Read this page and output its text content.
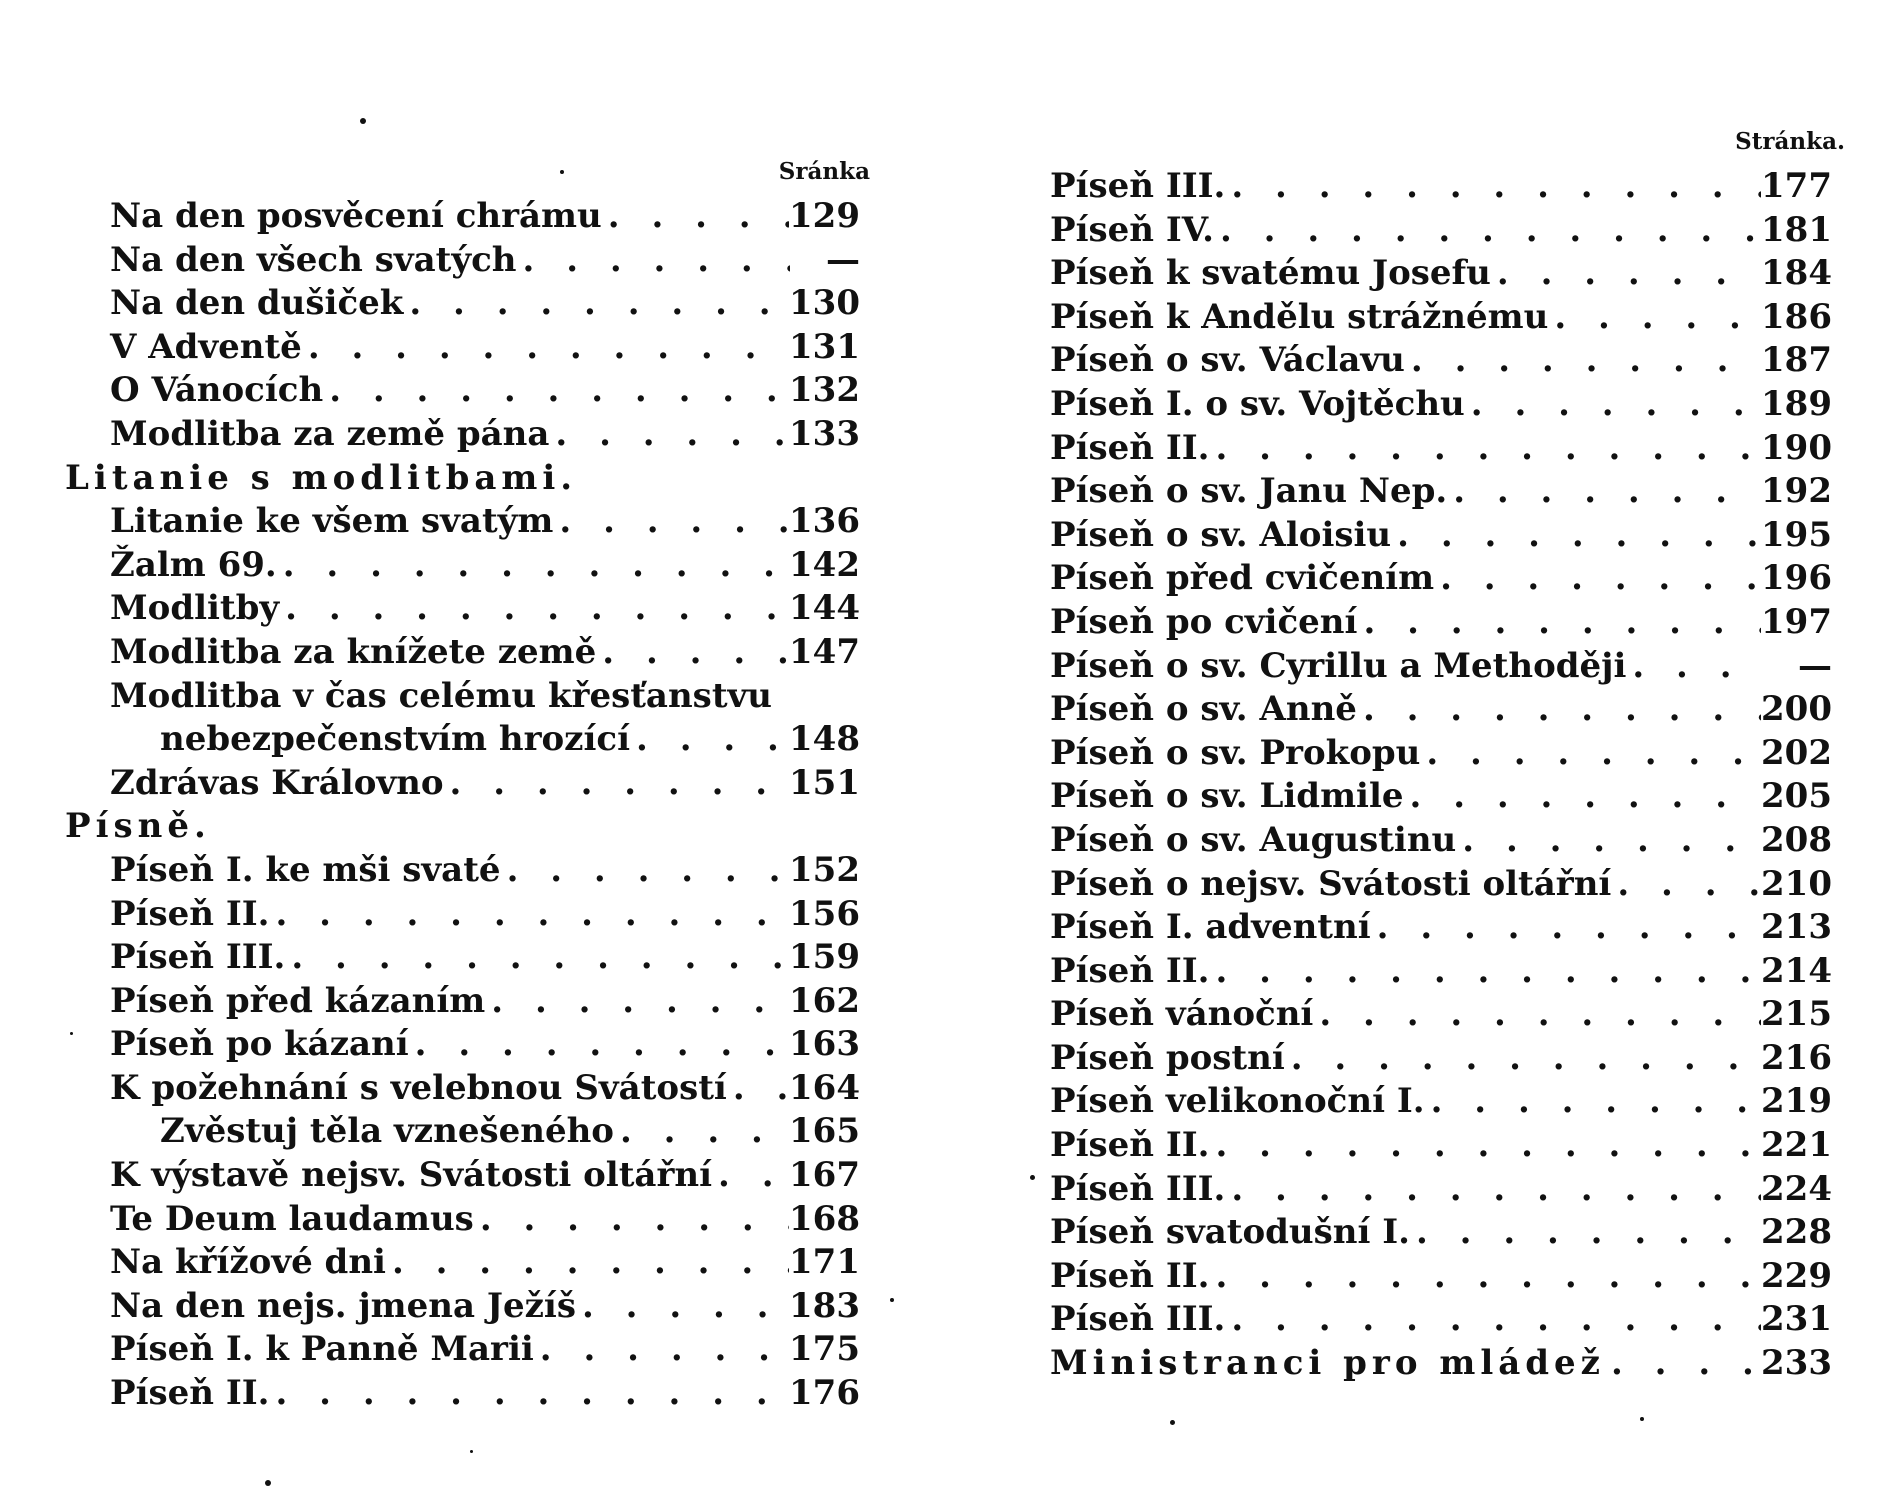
Sránka
Na den posvěcení chrámu . . .	129
Na den všech svatých . . .	—
Na den dušiček . . .	130
V Adventě . . .	131
O Vánocích . . .	132
Modlitba za země pána . . .	133
Litanie s modlitbami.
Litanie ke všem svatým . . .	136
Žalm 69. . . .	142
Modlitby . . .	144
Modlitba za knížete země . . .	147
Modlitba v čas celému křesťanstvu
nebezpečenstvím hrozící . . .	148
Zdrávas Královno . . .	151
Písně.
Píseň I. ke mši svaté . . .	152
Píseň II. . . .	156
Píseň III. . . .	159
Píseň před kázaním . . .	162
Píseň po kázaní . . .	163
K požehnání s velebnou Svátostí . . . 164
Zvěstuj těla vznešeného . . .	165
K výstavě nejsv. Svátosti oltářní . . . 167
Te Deum laudamus . . .	168
Na křížové dni . . .	171
Na den nejs. jmena Ježíš . . .	183
Píseň I. k Panně Marii . . .	175
Píseň II. . . .	176
Stránka.
Píseň III. . . .	177
Píseň IV. . . .	181
Píseň k svatému Josefu . . .	184
Píseň k Andělu strážnému . . .	186
Píseň o sv. Václavu . . .	187
Píseň I. o sv. Vojtěchu . . .	189
Píseň II. . . .	190
Píseň o sv. Janu Nep. . . .	192
Píseň o sv. Aloisiu . . .	195
Píseň před cvičením . . .	196
Píseň po cvičení . . .	197
Píseň o sv. Cyrillu a Methoději . . .	—
Píseň o sv. Anně . . .	200
Píseň o sv. Prokopu . . .	202
Píseň o sv. Lidmile . . .	205
Píseň o sv. Augustinu . . .	208
Píseň o nejsv. Svátosti oltářní . . .	210
Píseň I. adventní . . .	213
Píseň II. . . .	214
Píseň vánoční . . .	215
Píseň postní . . .	216
Píseň velikonoční I. . . .	219
Píseň II. . . .	221
Píseň III. . . .	224
Píseň svatodušní I. . . .	228
Píseň II. . . .	229
Píseň III. . . .	231
Ministranci pro mládež . . .	233
